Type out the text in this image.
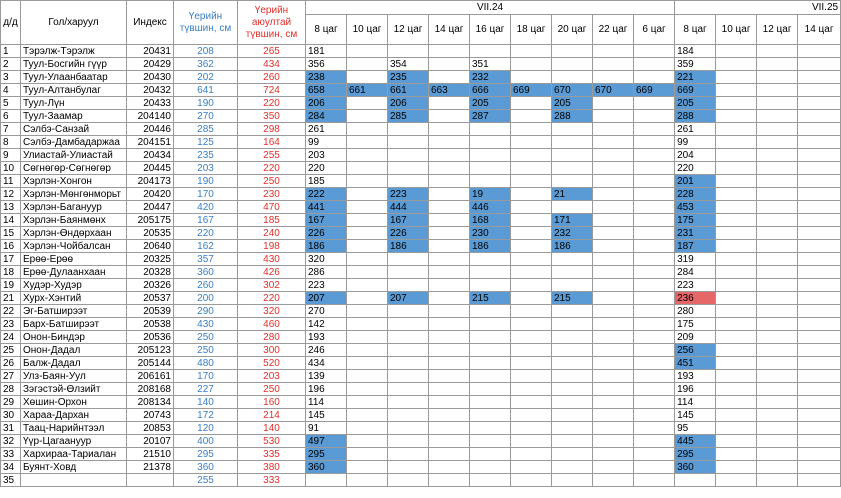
д/д	Гол/харуул	Индекс	Үерийн түвшин, см	Үерийн аюултай түвшин, см	VII.24									VII.25			
					8 цаг	10 цаг	12 цаг	14 цаг	16 цаг	18 цаг	20 цаг	22 цаг	6 цаг	8 цаг	10 цаг	12 цаг	14 цаг
1	Тэрэлж-Тэрэлж	20431	208	265	181									184			
2	Туул-Босгийн гүүр	20429	362	434	356		354		351					359			
3	Туул-Улаанбаатар	20430	202	260	238		235		232					221			
4	Туул-Алтанбулаг	20432	641	724	658	661	661	663	666	669	670	670	669	669			
5	Туул-Лүн	20433	190	220	206		206		205		205			205			
6	Туул-Заамар	204140	270	350	284		285		287		288			288			
7	Сэлбэ-Санзай	20446	285	298	261									261			
8	Сэлбэ-Дамбадаржаа	204151	125	164	99									99			
9	Улиастай-Улиастай	20434	235	255	203									204			
10	Сөгнөгөр-Сөгнөгөр	20445	203	220	220									220			
11	Хэрлэн-Хонгон	204173	190	250	185									201			
12	Хэрлэн-Мөнгөнморьт	20420	170	230	222		223		19		21			228			
13	Хэрлэн-Багануур	20447	420	470	441		444		446					453			
14	Хэрлэн-Баянмөнх	205175	167	185	167		167		168		171			175			
15	Хэрлэн-Өндөрхаан	20535	220	240	226		226		230		232			231			
16	Хэрлэн-Чойбалсан	20640	162	198	186		186		186		186			187			
17	Ерөө-Ерөө	20325	357	430	320									319			
18	Ерөө-Дулаанхаан	20328	360	426	286									284			
19	Худэр-Худэр	20326	260	302	223									223			
21	Хурх-Хэнтий	20537	200	220	207		207		215		215			236			
22	Эг-Батширээт	20539	290	320	270									280			
23	Барх-Батширээт	20538	430	460	142									175			
24	Онон-Биндэр	20536	250	280	193									209			
25	Онон-Дадал	205123	250	300	246									256			
26	Балж-Дадал	205144	480	520	434									451			
27	Улз-Баян-Уул	206161	170	203	139									193			
28	Зэгэстэй-Өлзийт	208168	227	250	196									196			
29	Хөшин-Орхон	208134	140	160	114									114			
30	Хараа-Дархан	20743	172	214	145									145			
31	Таац-Нарийнтээл	20853	120	140	91									95			
32	Үүр-Цагаануур	20107	400	530	497									445			
33	Хархираа-Тариалан	21510	295	335	295									295			
34	Буянт-Ховд	21378	360	380	360									360			
35			255	333													
